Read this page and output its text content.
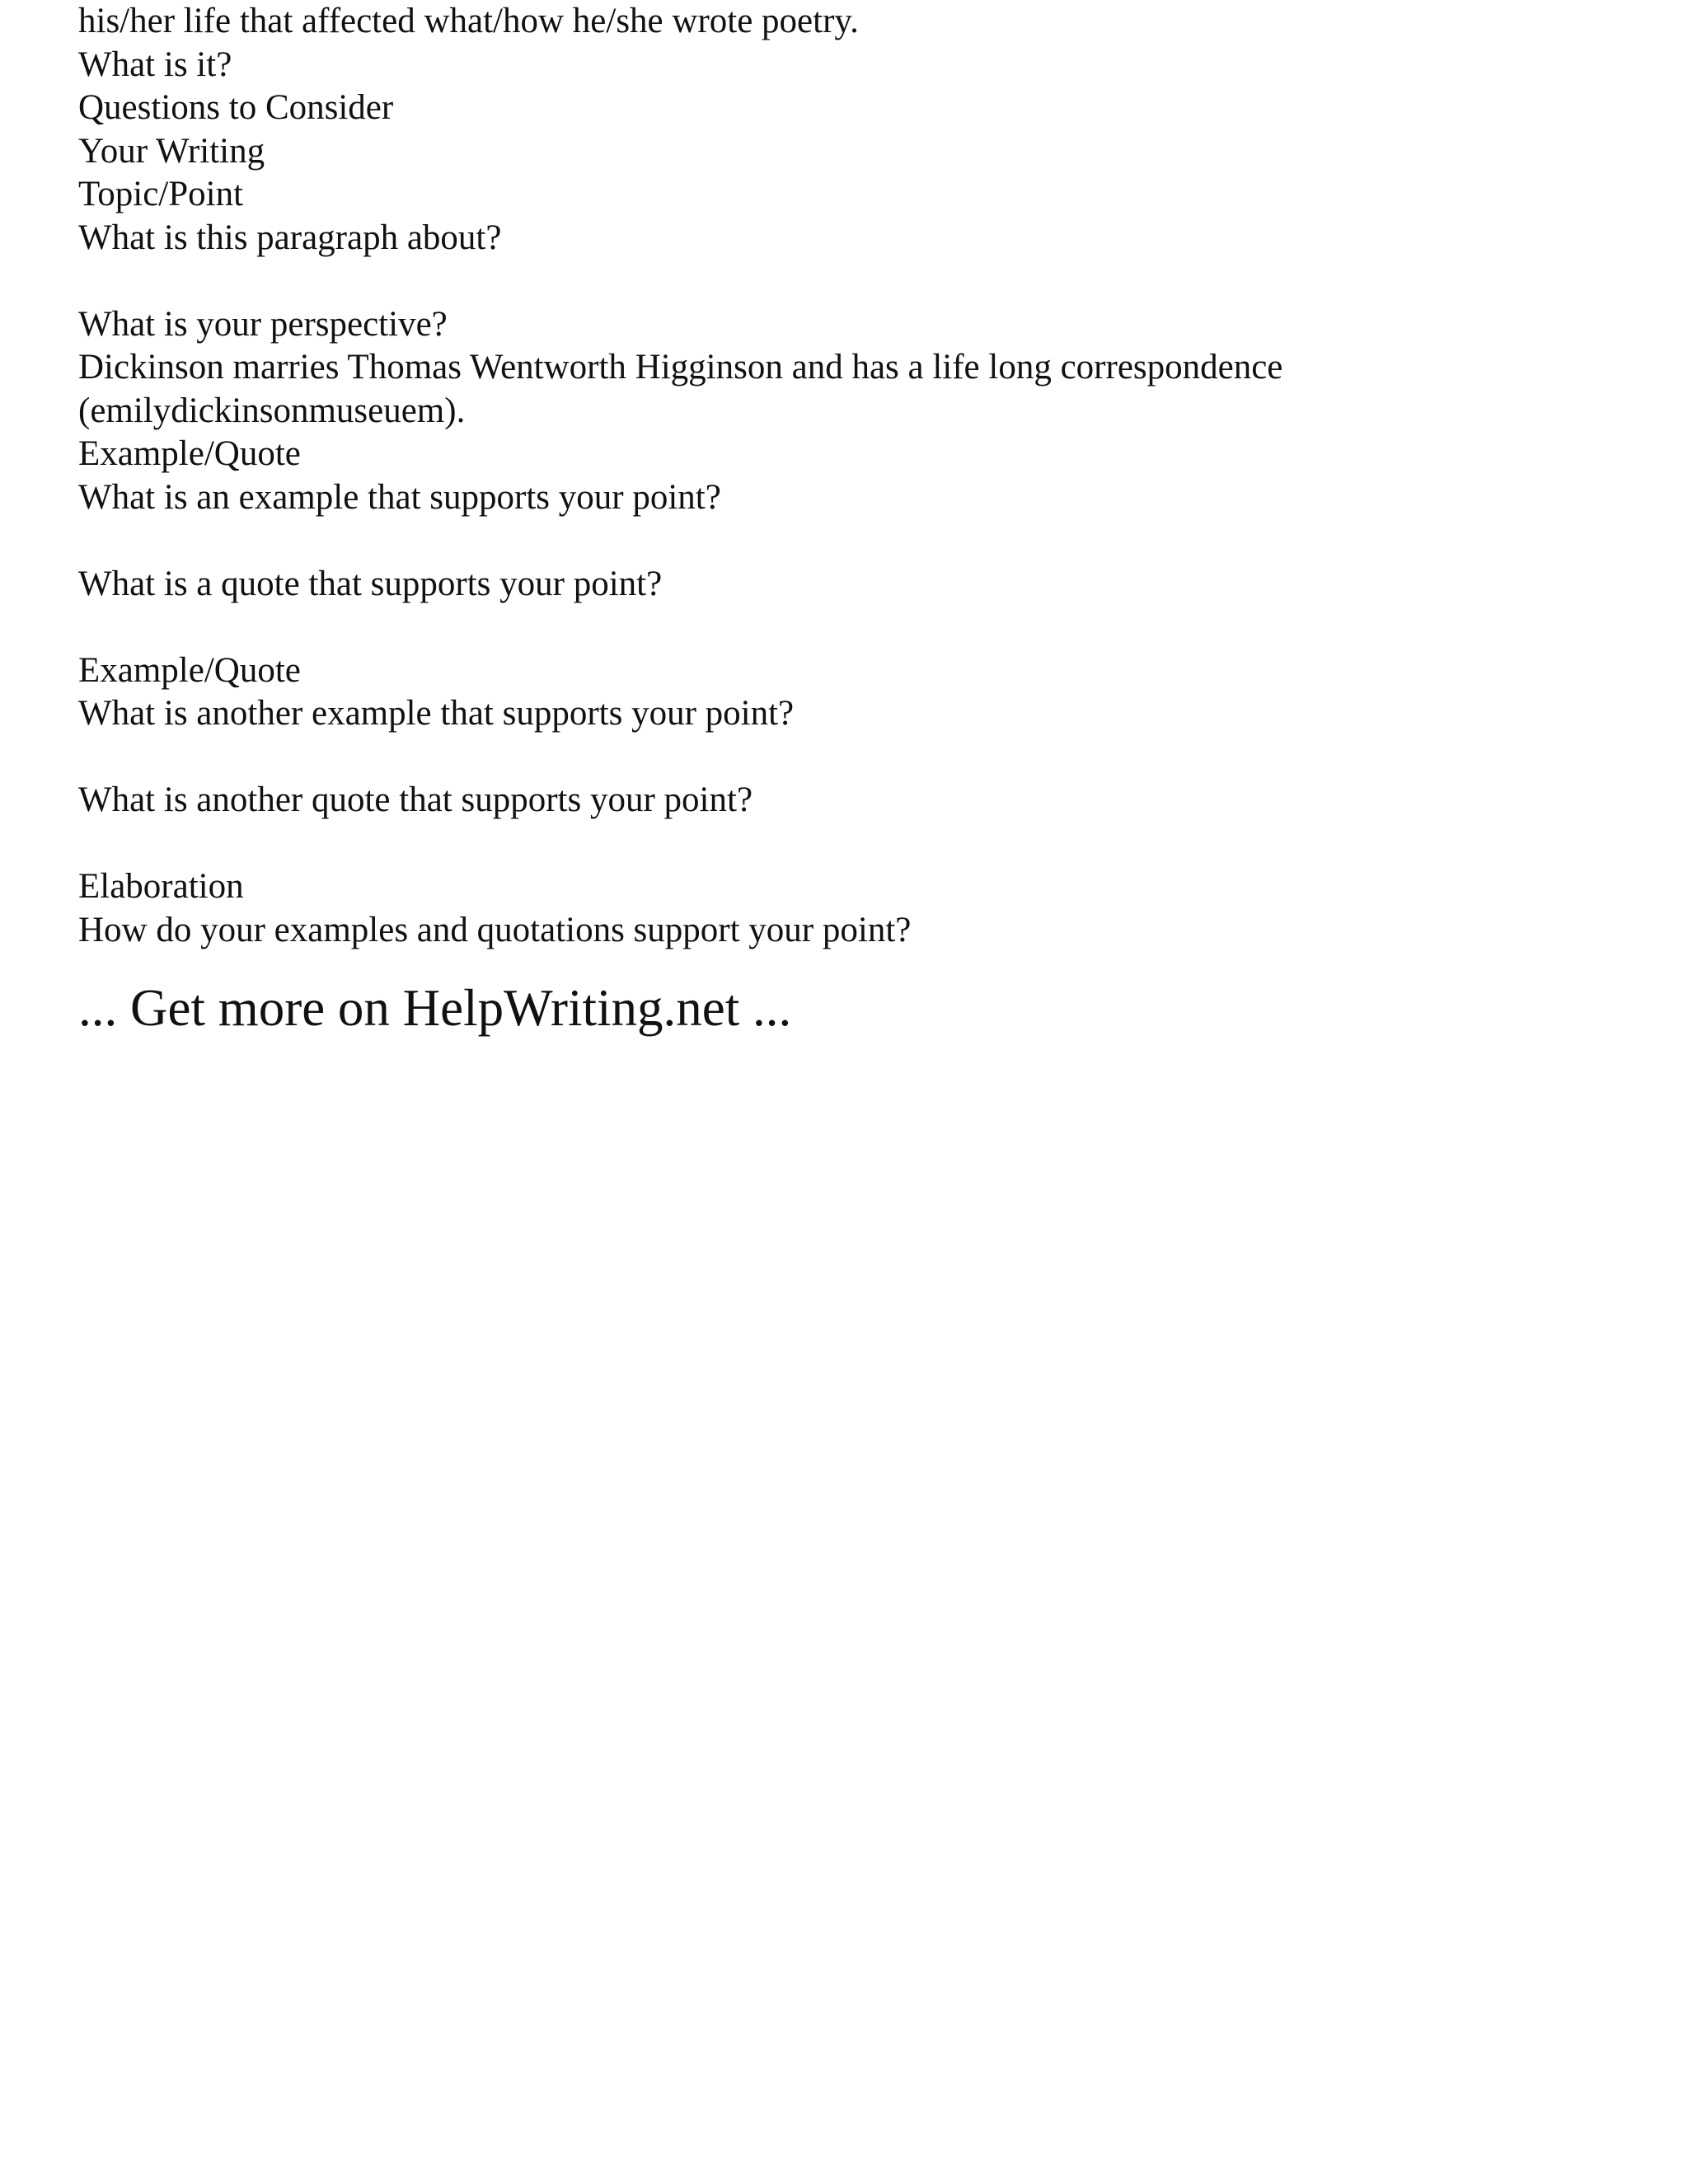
his/her life that affected what/how he/she wrote poetry.
What is it?
Questions to Consider
Your Writing
Topic/Point
What is this paragraph about?
What is your perspective?
Dickinson marries Thomas Wentworth Higginson and has a life long correspondence
(emilydickinsonmuseuem).
Example/Quote
What is an example that supports your point?
What is a quote that supports your point?
Example/Quote
What is another example that supports your point?
What is another quote that supports your point?
Elaboration
How do your examples and quotations support your point?
... Get more on HelpWriting.net ...
